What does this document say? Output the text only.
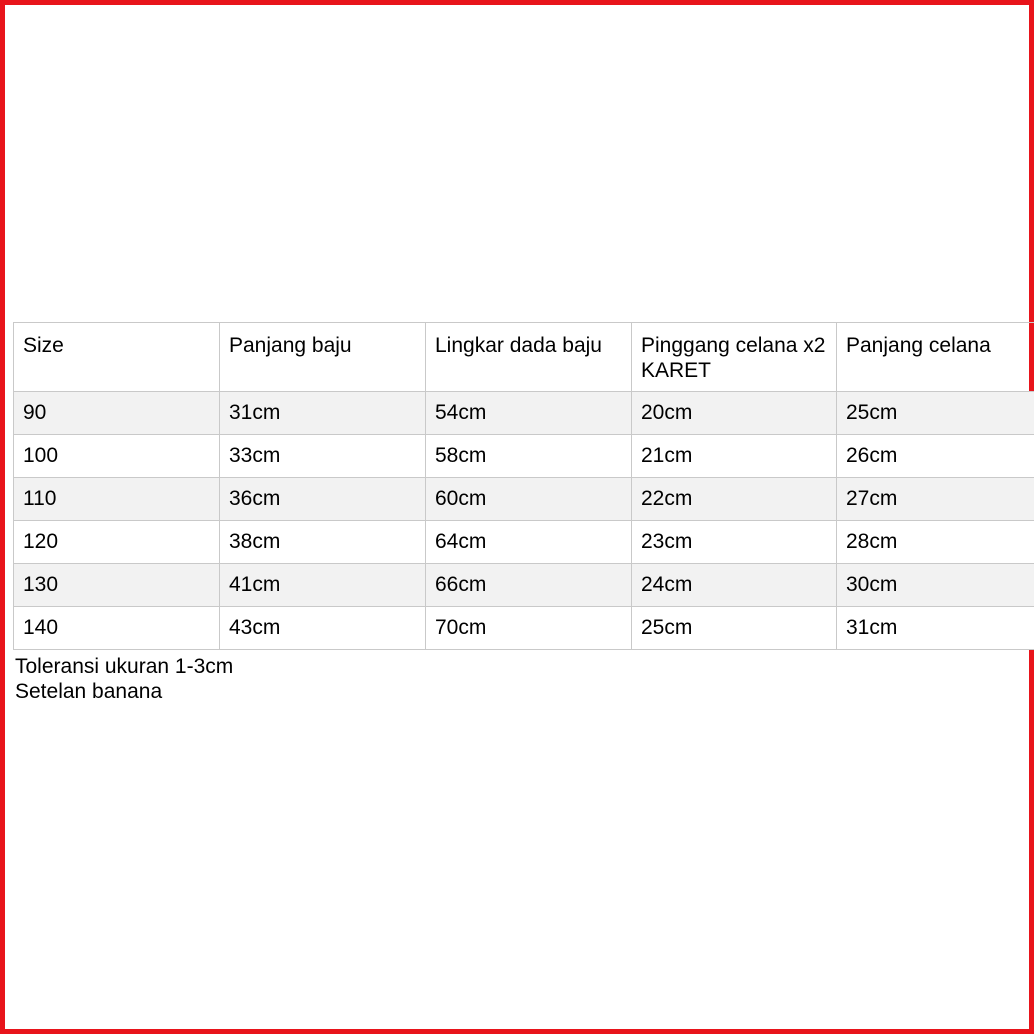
Size	Panjang baju	Lingkar dada baju	Pinggang celana x2 KARET	Panjang celana
90	31cm	54cm	20cm	25cm
100	33cm	58cm	21cm	26cm
110	36cm	60cm	22cm	27cm
120	38cm	64cm	23cm	28cm
130	41cm	66cm	24cm	30cm
140	43cm	70cm	25cm	31cm
Toleransi ukuran 1-3cm
Setelan banana
